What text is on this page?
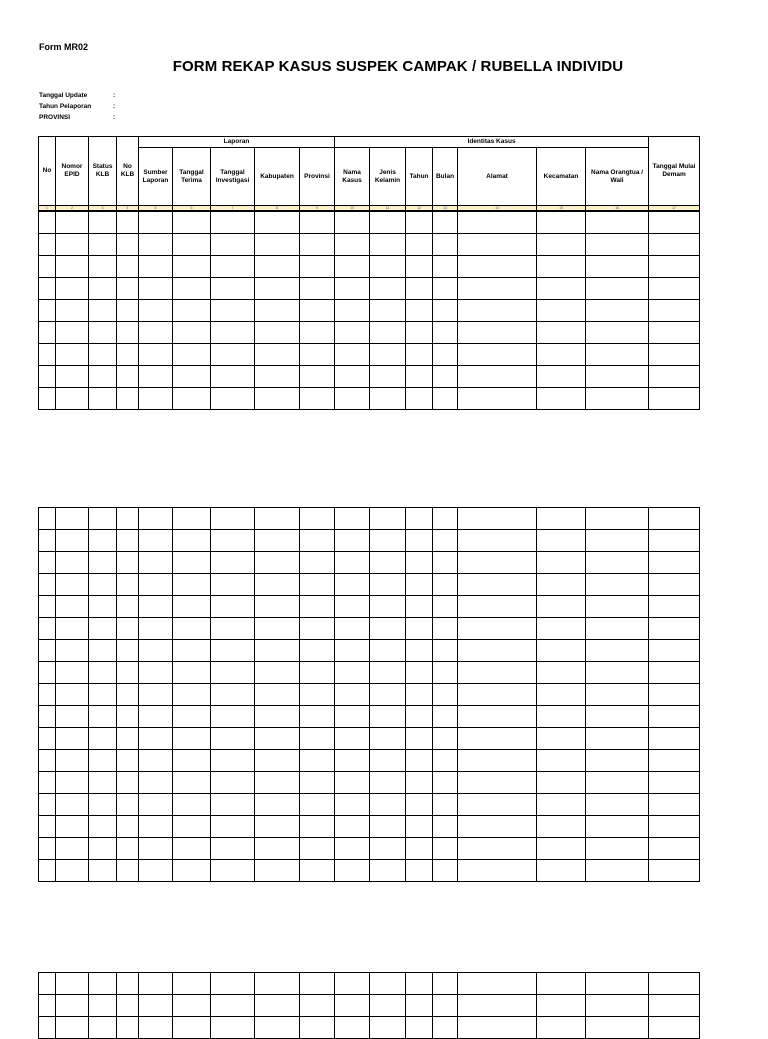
Form MR02
FORM REKAP KASUS SUSPEK CAMPAK / RUBELLA INDIVIDU
Tanggal Update	:
Tahun Pelaporan	:
PROVINSI	:
No	Nomor EPID	Status KLB	No KLB	Laporan					Identitas Kasus							Tanggal Mulai Demam
				Sumber Laporan	Tanggal Terima	Tanggal Investigasi	Kabupaten	Provinsi	Nama Kasus	Jenis Kelamin	Tahun	Bulan	Alamat	Kecamatan	Nama Orangtua / Wali	
1	2	3	4	5	6	7	8	9	10	11	12	13	14	15	16	17
